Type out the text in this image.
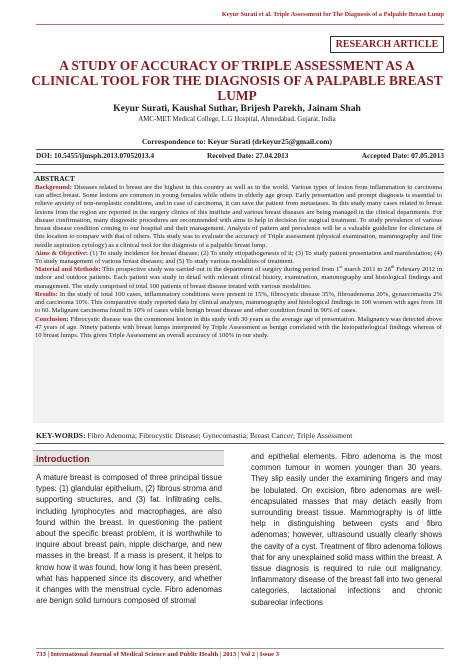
Keyur Surati et al. Triple Assessment for The Diagnosis of a Palpable Breast Lump
RESEARCH ARTICLE
A STUDY OF ACCURACY OF TRIPLE ASSESSMENT AS A CLINICAL TOOL FOR THE DIAGNOSIS OF A PALPABLE BREAST LUMP
Keyur Surati, Kaushal Suthar, Brijesh Parekh, Jainam Shah
AMC-MET Medical College, L.G Hospital, Ahmedabad, Gujarat, India
Correspondence to: Keyur Surati (drkeyur25@gmail.com)
DOI: 10.5455/ijmsph.2013.07052013.4	Received Date: 27.04.2013	Accepted Date: 07.05.2013
ABSTRACT

Background: Diseases related to breast are the highest in this country as well as in the world. Various types of lesion from inflammation to carcinoma can affect breast. Some lesions are common in young females while others in elderly age group. Early presentation and prompt diagnosis is essential to relieve anxiety of non-neoplastic conditions, and in case of carcinoma, it can save the patient from metastases. In this study many cases related to breast lesions from the region are reported in the surgery clinics of this institute and various breast diseases are being managed in the clinical departments. For disease confirmation, many diagnostic procedures are recommended with aims to help in decision for surgical treatment. To study prevalence of various breast disease condition coming to our hospital and their management. Analysis of pattern and prevalence will be a valuable guideline for clinicians of this location to compare with that of others. This study was to evaluate the accuracy of Triple assessment (physical examination, mammography and fine needle aspiration cytology) as a clinical tool for the diagnosis of a palpable breast lump.

Aims & Objective: (1) To study incidence for breast disease; (2) To study etiopathogenesis of it; (3) To study patient presentation and manifestation; (4) To study management of various breast diseases; and (5) To study various modalities of treatment.

Material and Methods: This prospective study was carried out in the department of surgery during period from 1st march 2011 to 28th February 2012 in indoor and outdoor patients. Each patient was study in detail with relevant clinical history, examination, mammography and histological findings and management. The study comprised of total 100 patients of breast disease treated with various modalities.

Results: In the study of total 100 cases, inflammatory conditions were present in 15%, fibrocystic disease 35%, fibroadenoma 20%, gynaecomastia 2% and carcinoma 10%. This comparative study reported data by clinical analyses, mammography and histological findings in 100 women with ages from 18 to 60. Malignant carcinoma found in 10% of cases while benign breast disease and other condition found in 90% of cases.

Conclusion: Fibrocystic disease was the commonest lesion in this study with 30 years as the average age of presentation. Malignancy was detected above 47 years of age. Ninety patients with breast lumps interpreted by Triple Assessment as benign correlated with the histopathological findings whereas of 10 breast lumps. This gives Triple Assessment an overall accuracy of 100% in our study.

KEY-WORDS: Fibro Adenoma; Fibrocystic Disease; Gynecomastia; Breast Cancer; Triple Assessment
Introduction
A mature breast is composed of three principal tissue types: (1) glandular epithelium, (2) fibrous stroma and supporting structures, and (3) fat. Infiltrating cells, including lymphocytes and macrophages, are also found within the breast. In questioning the patient about the specific breast problem, it is worthwhile to inquire about breast pain, nipple discharge, and new masses in the breast. If a mass is present, it helps to know how it was found, how long it has been present, what has happened since its discovery, and whether it changes with the menstrual cycle. Fibro adenomas are benign solid tumours composed of stromal
and epithelial elements. Fibro adenoma is the most common tumour in women younger than 30 years. They slip easily under the examining fingers and may be lobulated. On excision, fibro adenomas are well-encapsulated masses that may detach easily from surrounding breast tissue. Mammography is of little help in distinguishing between cysts and fibro adenomas; however, ultrasound usually clearly shows the cavity of a cyst. Treatment of fibro adenoma follows that for any unexplained solid mass within the breast. A tissue diagnosis is required to rule out malignancy. Inflammatory disease of the breast fall into two general categories, lactational infections and chronic subareolar infections
733 | International Journal of Medical Science and Public Health | 2013 | Vol 2 | Issue 3
